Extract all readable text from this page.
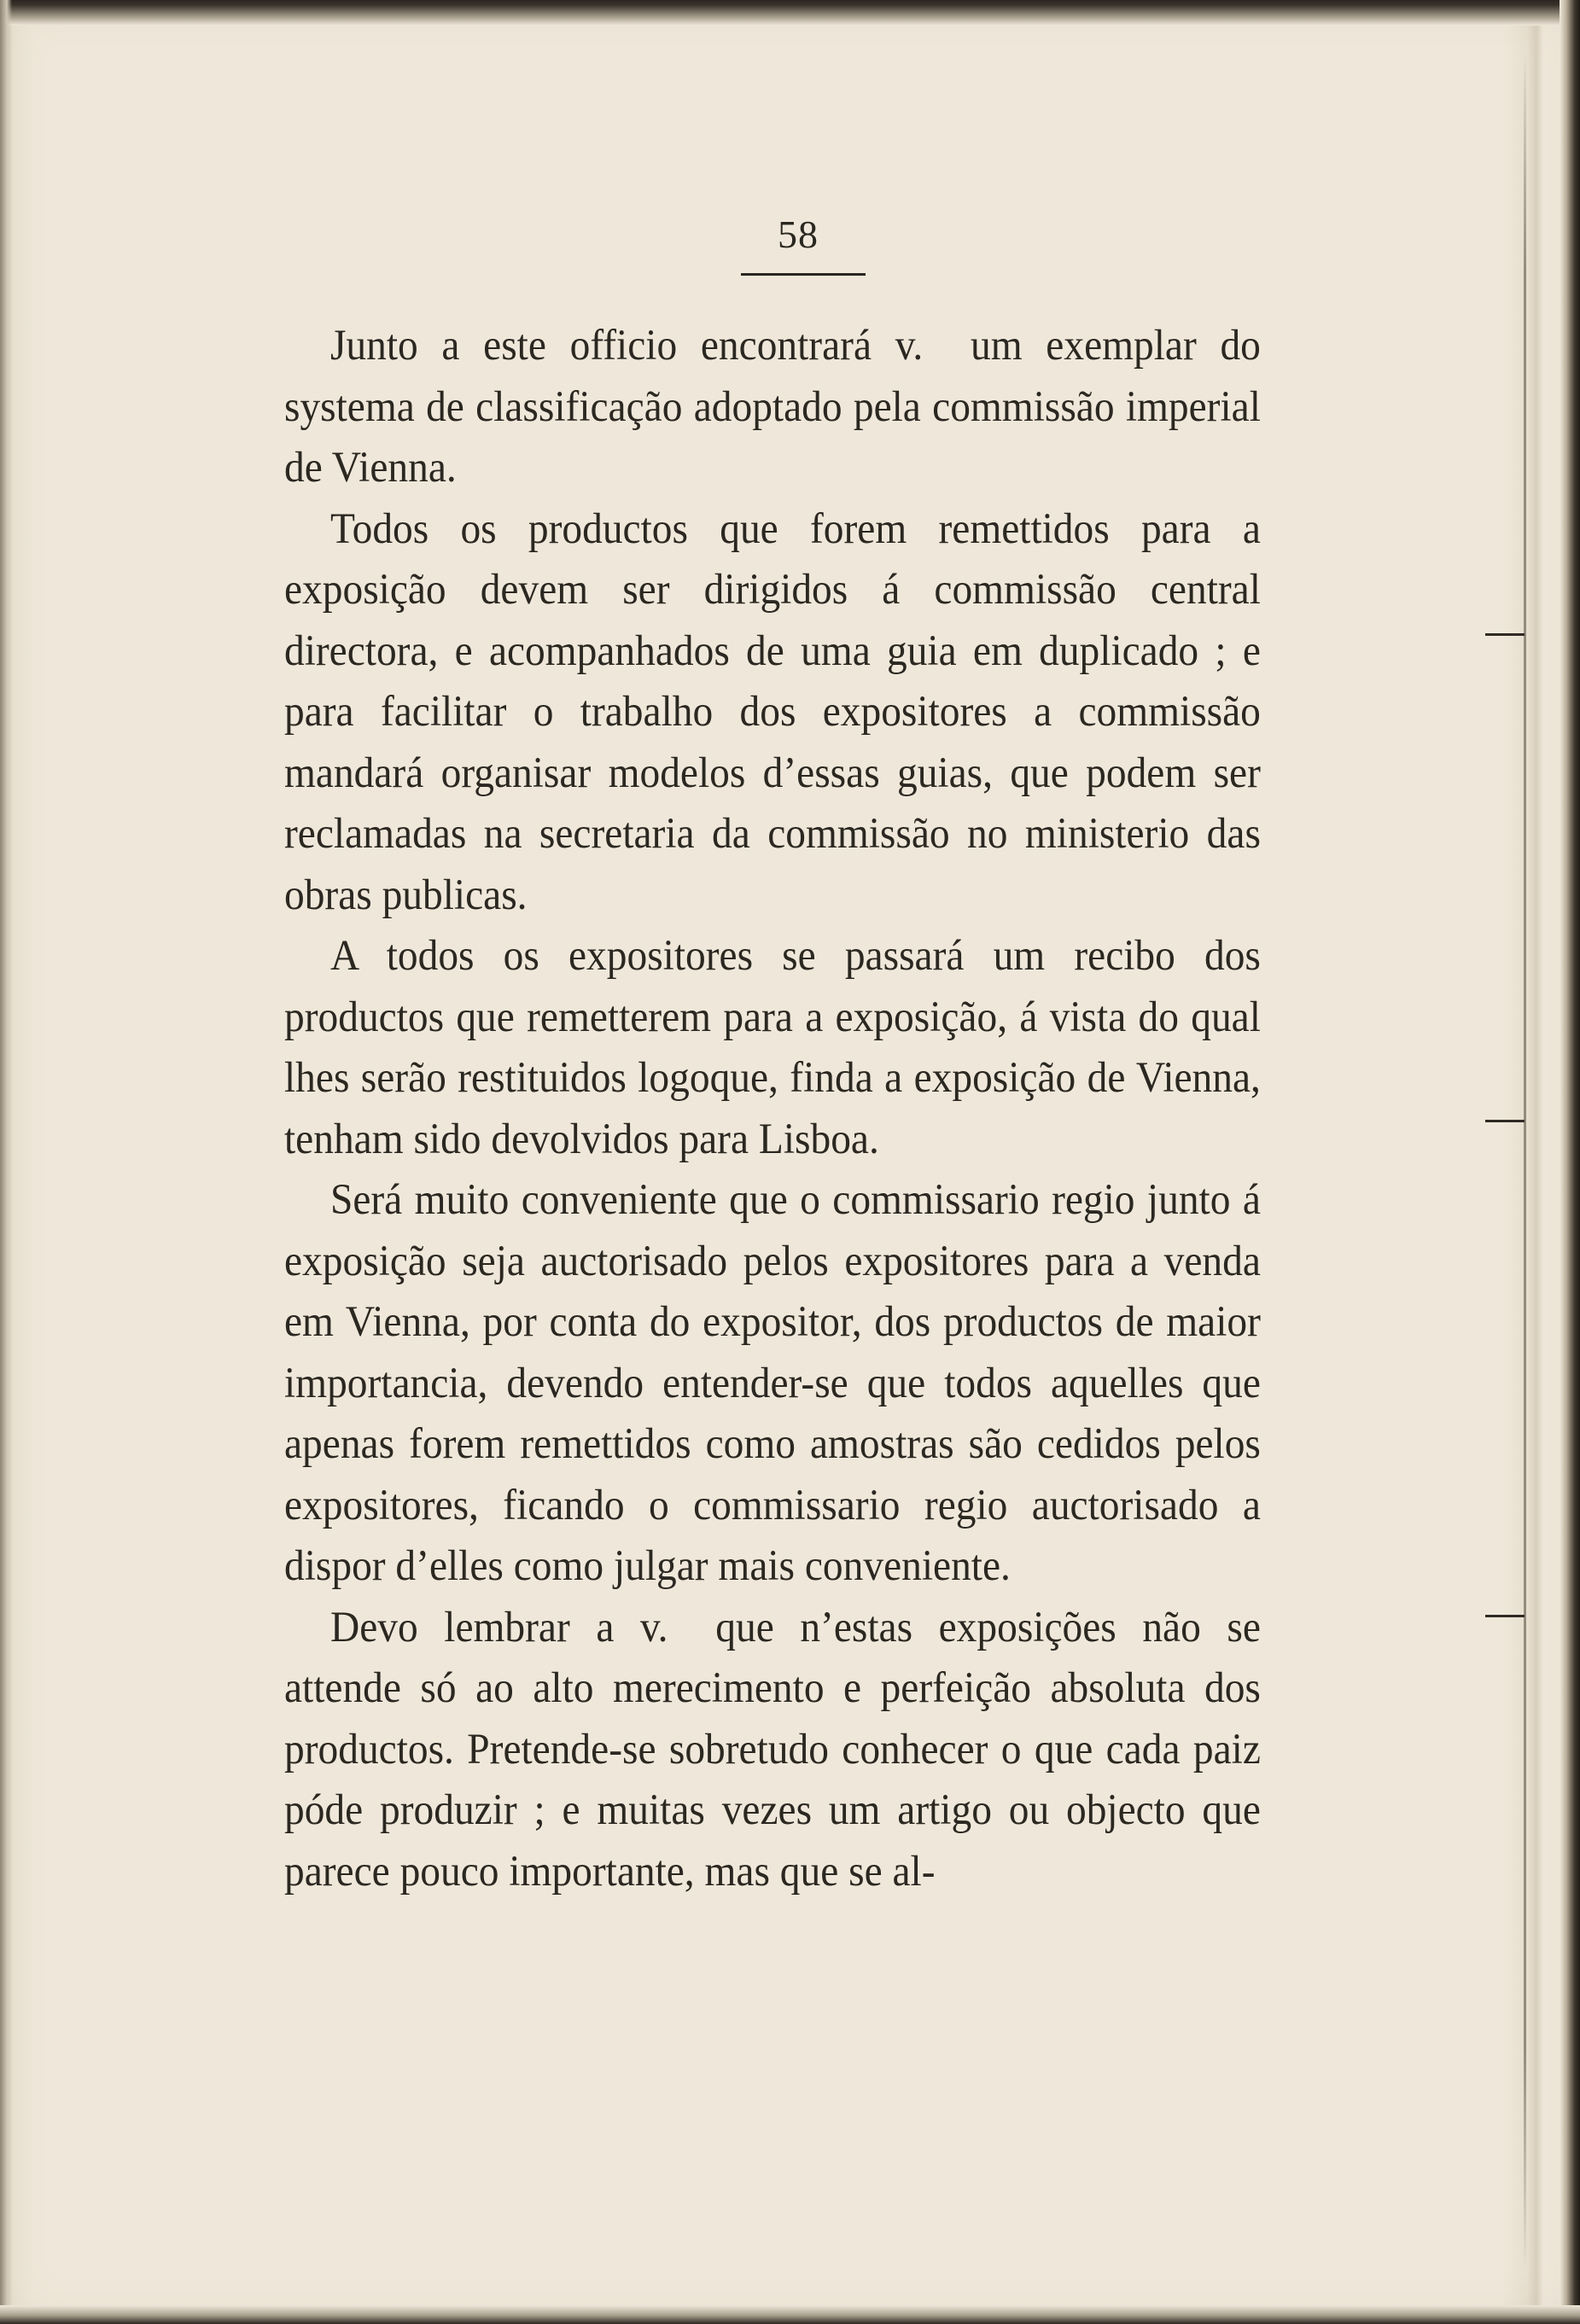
58

Junto a este officio encontrará v. um exemplar do systema de classificação adoptado pela commissão imperial de Vienna.

Todos os productos que forem remettidos para a exposição devem ser dirigidos á commissão central directora, e acompanhados de uma guia em duplicado ; e para facilitar o trabalho dos expositores a commissão mandará organisar modelos d’essas guias, que podem ser reclamadas na secretaria da commissão no ministerio das obras publicas.

A todos os expositores se passará um recibo dos productos que remetterem para a exposição, á vista do qual lhes serão restituidos logoque, finda a exposição de Vienna, tenham sido devolvidos para Lisboa.

Será muito conveniente que o commissario regio junto á exposição seja auctorisado pelos expositores para a venda em Vienna, por conta do expositor, dos productos de maior importancia, devendo entender-se que todos aquelles que apenas forem remettidos como amostras são cedidos pelos expositores, ficando o commissario regio auctorisado a dispor d’elles como julgar mais conveniente.

Devo lembrar a v. que n’estas exposições não se attende só ao alto merecimento e perfeição absoluta dos productos. Pretende-se sobretudo conhecer o que cada paiz póde produzir ; e muitas vezes um artigo ou objecto que parece pouco importante, mas que se al-
